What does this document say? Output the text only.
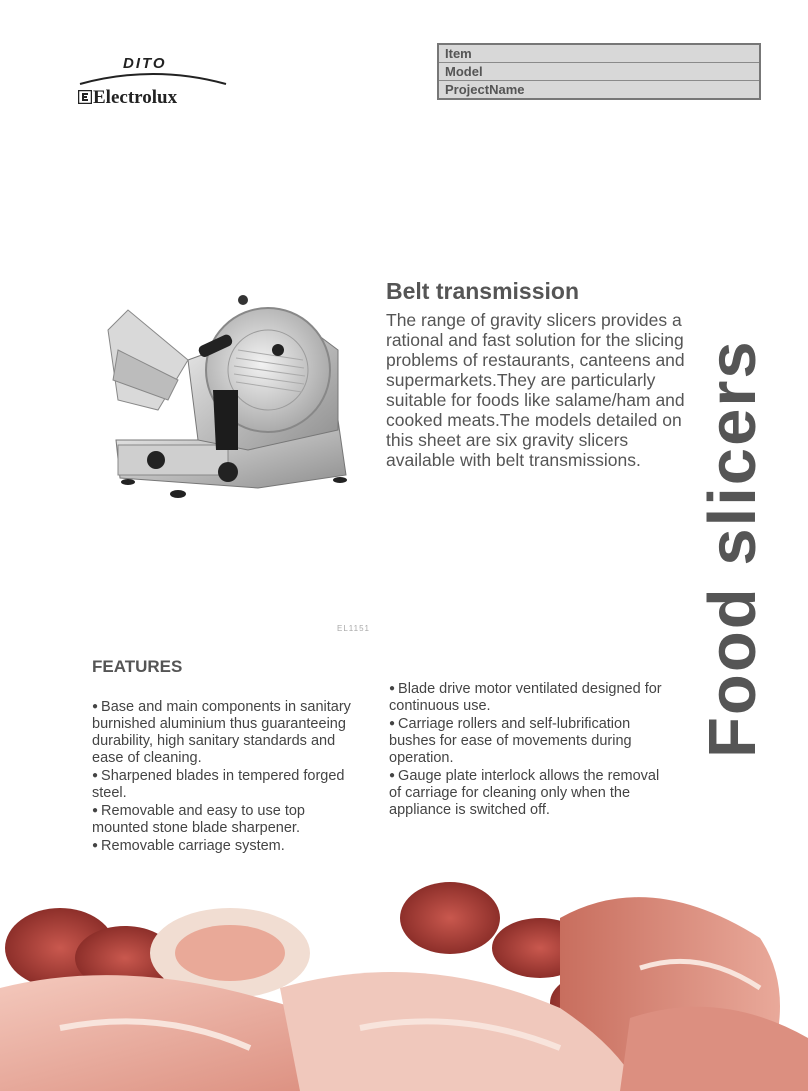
DITO
Electrolux
Item
Model
ProjectName
Belt transmission
The range of gravity slicers provides a rational and fast solution for the slicing problems of restaurants, canteens and supermarkets.They are particularly suitable for foods like salame/ham and cooked meats.The models detailed on this sheet are six gravity slicers available with belt transmissions.
EL1151	Food slicers
FEATURES

● Base and main components in sanitary burnished aluminium thus guaranteeing durability, high sanitary standards and ease of cleaning.

● Sharpened blades in tempered forged steel.

● Removable and easy to use top mounted stone blade sharpener.

● Removable carriage system.

● Blade drive motor ventilated designed for continuous use.

● Carriage rollers and self-lubrification bushes for ease of movements during operation.

● Gauge plate interlock allows the removal of carriage for cleaning only when the appliance is switched off.
